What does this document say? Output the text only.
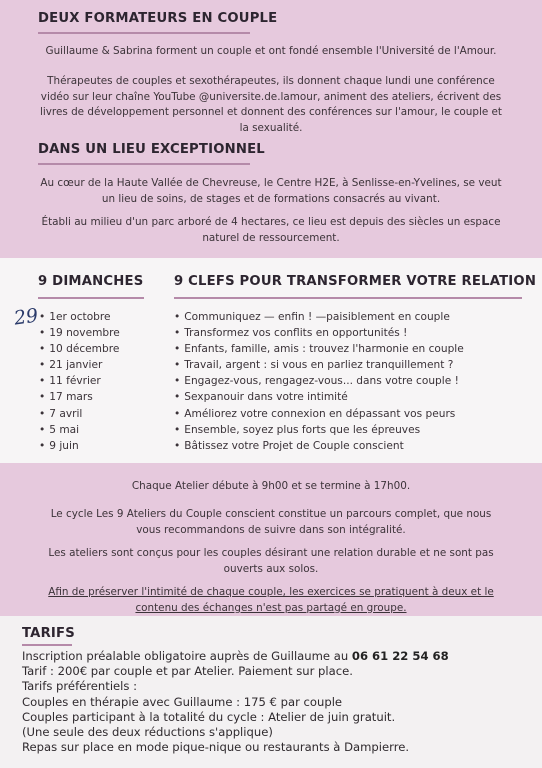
DEUX FORMATEURS EN COUPLE

Guillaume & Sabrina forment un couple et ont fondé ensemble l'Université de l'Amour.

Thérapeutes de couples et sexothérapeutes, ils donnent chaque lundi une conférence
vidéo sur leur chaîne YouTube @universite.de.lamour, animent des ateliers, écrivent des
livres de développement personnel et donnent des conférences sur l'amour, le couple et
la sexualité.

DANS UN LIEU EXCEPTIONNEL

Au cœur de la Haute Vallée de Chevreuse, le Centre H2E, à Senlisse-en-Yvelines, se veut
un lieu de soins, de stages et de formations consacrés au vivant.

Établi au milieu d'un parc arboré de 4 hectares, ce lieu est depuis des siècles un espace
naturel de ressourcement.

9 DIMANCHES
• 1er octobre
• 19 novembre
• 10 décembre
• 21 janvier
• 11 février
• 17 mars
• 7 avril
• 5 mai
• 9 juin
9 CLEFS POUR TRANSFORMER VOTRE RELATION
• Communiquez — enfin ! —paisiblement en couple
• Transformez vos conflits en opportunités !
• Enfants, famille, amis : trouvez l'harmonie en couple
• Travail, argent : si vous en parliez tranquillement ?
• Engagez-vous, rengagez-vous... dans votre couple !
• Sexpanouir dans votre intimité
• Améliorez votre connexion en dépassant vos peurs
• Ensemble, soyez plus forts que les épreuves
• Bâtissez votre Projet de Couple conscient
29

Chaque Atelier débute à 9h00 et se termine à 17h00.

Le cycle Les 9 Ateliers du Couple conscient constitue un parcours complet, que nous
vous recommandons de suivre dans son intégralité.

Les ateliers sont conçus pour les couples désirant une relation durable et ne sont pas
ouverts aux solos.

Afin de préserver l'intimité de chaque couple, les exercices se pratiquent à deux et le
contenu des échanges n'est pas partagé en groupe.

TARIFS
Inscription préalable obligatoire auprès de Guillaume au 06 61 22 54 68
Tarif : 200€ par couple et par Atelier. Paiement sur place.
Tarifs préférentiels :
Couples en thérapie avec Guillaume : 175 € par couple
Couples participant à la totalité du cycle : Atelier de juin gratuit.
(Une seule des deux réductions s'applique)
Repas sur place en mode pique-nique ou restaurants à Dampierre.
